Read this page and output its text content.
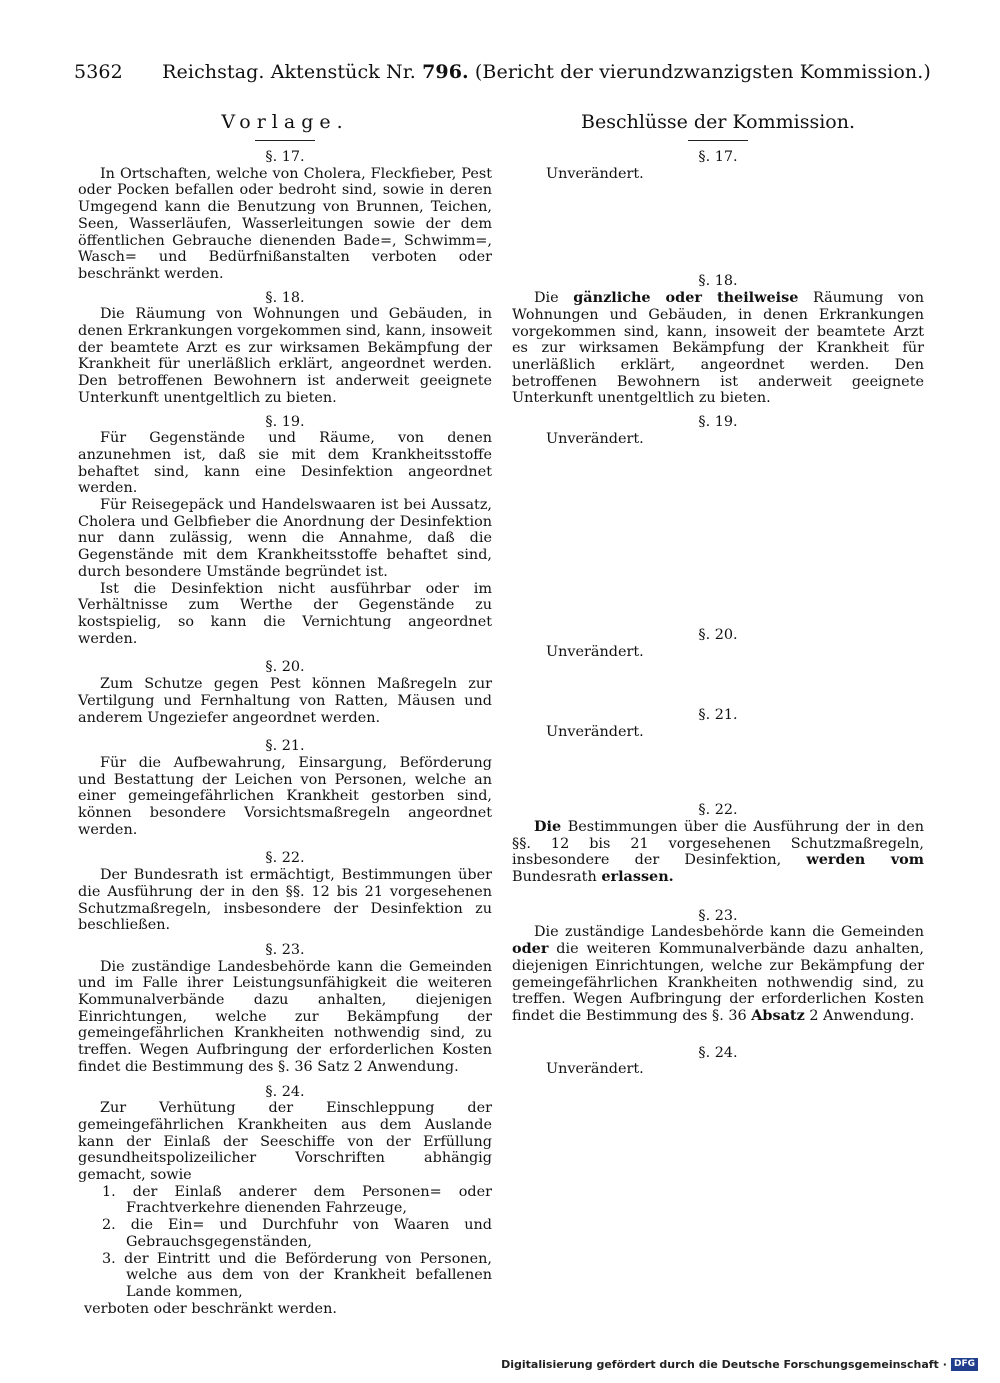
5362 Reichstag. Aktenstück Nr. 796. (Bericht der vierundzwanzigsten Kommission.)
Vorlage.
§. 17.

In Ortschaften, welche von Cholera, Fleckfieber, Pest oder Pocken befallen oder bedroht sind, sowie in deren Umgegend kann die Benutzung von Brunnen, Teichen, Seen, Wasserläufen, Wasserleitungen sowie der dem öffentlichen Gebrauche dienenden Bade=, Schwimm=, Wasch= und Bedürfnißanstalten verboten oder beschränkt werden.

§. 18.

Die Räumung von Wohnungen und Gebäuden, in denen Erkrankungen vorgekommen sind, kann, insoweit der beamtete Arzt es zur wirksamen Bekämpfung der Krankheit für unerläßlich erklärt, angeordnet werden. Den betroffenen Bewohnern ist anderweit geeignete Unterkunft unentgeltlich zu bieten.

§. 19.

Für Gegenstände und Räume, von denen anzunehmen ist, daß sie mit dem Krankheitsstoffe behaftet sind, kann eine Desinfektion angeordnet werden.

Für Reisegepäck und Handelswaaren ist bei Aussatz, Cholera und Gelbfieber die Anordnung der Desinfektion nur dann zulässig, wenn die Annahme, daß die Gegenstände mit dem Krankheitsstoffe behaftet sind, durch besondere Umstände begründet ist.

Ist die Desinfektion nicht ausführbar oder im Verhältnisse zum Werthe der Gegenstände zu kostspielig, so kann die Vernichtung angeordnet werden.

§. 20.

Zum Schutze gegen Pest können Maßregeln zur Vertilgung und Fernhaltung von Ratten, Mäusen und anderem Ungeziefer angeordnet werden.

§. 21.

Für die Aufbewahrung, Einsargung, Beförderung und Bestattung der Leichen von Personen, welche an einer gemeingefährlichen Krankheit gestorben sind, können besondere Vorsichtsmaßregeln angeordnet werden.

§. 22.

Der Bundesrath ist ermächtigt, Bestimmungen über die Ausführung der in den §§. 12 bis 21 vorgesehenen Schutzmaßregeln, insbesondere der Desinfektion zu beschließen.

§. 23.

Die zuständige Landesbehörde kann die Gemeinden und im Falle ihrer Leistungsunfähigkeit die weiteren Kommunalverbände dazu anhalten, diejenigen Einrichtungen, welche zur Bekämpfung der gemeingefährlichen Krankheiten nothwendig sind, zu treffen. Wegen Aufbringung der erforderlichen Kosten findet die Bestimmung des §. 36 Satz 2 Anwendung.

§. 24.

Zur Verhütung der Einschleppung der gemeingefährlichen Krankheiten aus dem Auslande kann der Einlaß der Seeschiffe von der Erfüllung gesundheitspolizeilicher Vorschriften abhängig gemacht, sowie

1. der Einlaß anderer dem Personen= oder Frachtverkehre dienenden Fahrzeuge,
2. die Ein= und Durchfuhr von Waaren und Gebrauchsgegenständen,
3. der Eintritt und die Beförderung von Personen, welche aus dem von der Krankheit befallenen Lande kommen,

verboten oder beschränkt werden.

Beschlüsse der Kommission.
§. 17.

Unverändert.

§. 18.

Die gänzliche oder theilweise Räumung von Wohnungen und Gebäuden, in denen Erkrankungen vorgekommen sind, kann, insoweit der beamtete Arzt es zur wirksamen Bekämpfung der Krankheit für unerläßlich erklärt, angeordnet werden. Den betroffenen Bewohnern ist anderweit geeignete Unterkunft unentgeltlich zu bieten.

§. 19.

Unverändert.

§. 20.

Unverändert.

§. 21.

Unverändert.

§. 22.

Die Bestimmungen über die Ausführung der in den §§. 12 bis 21 vorgesehenen Schutzmaßregeln, insbesondere der Desinfektion, werden vom Bundesrath erlassen.

§. 23.

Die zuständige Landesbehörde kann die Gemeinden oder die weiteren Kommunalverbände dazu anhalten, diejenigen Einrichtungen, welche zur Bekämpfung der gemeingefährlichen Krankheiten nothwendig sind, zu treffen. Wegen Aufbringung der erforderlichen Kosten findet die Bestimmung des §. 36 Absatz 2 Anwendung.

§. 24.

Unverändert.

Digitalisierung gefördert durch die Deutsche Forschungsgemeinschaft · DFG
